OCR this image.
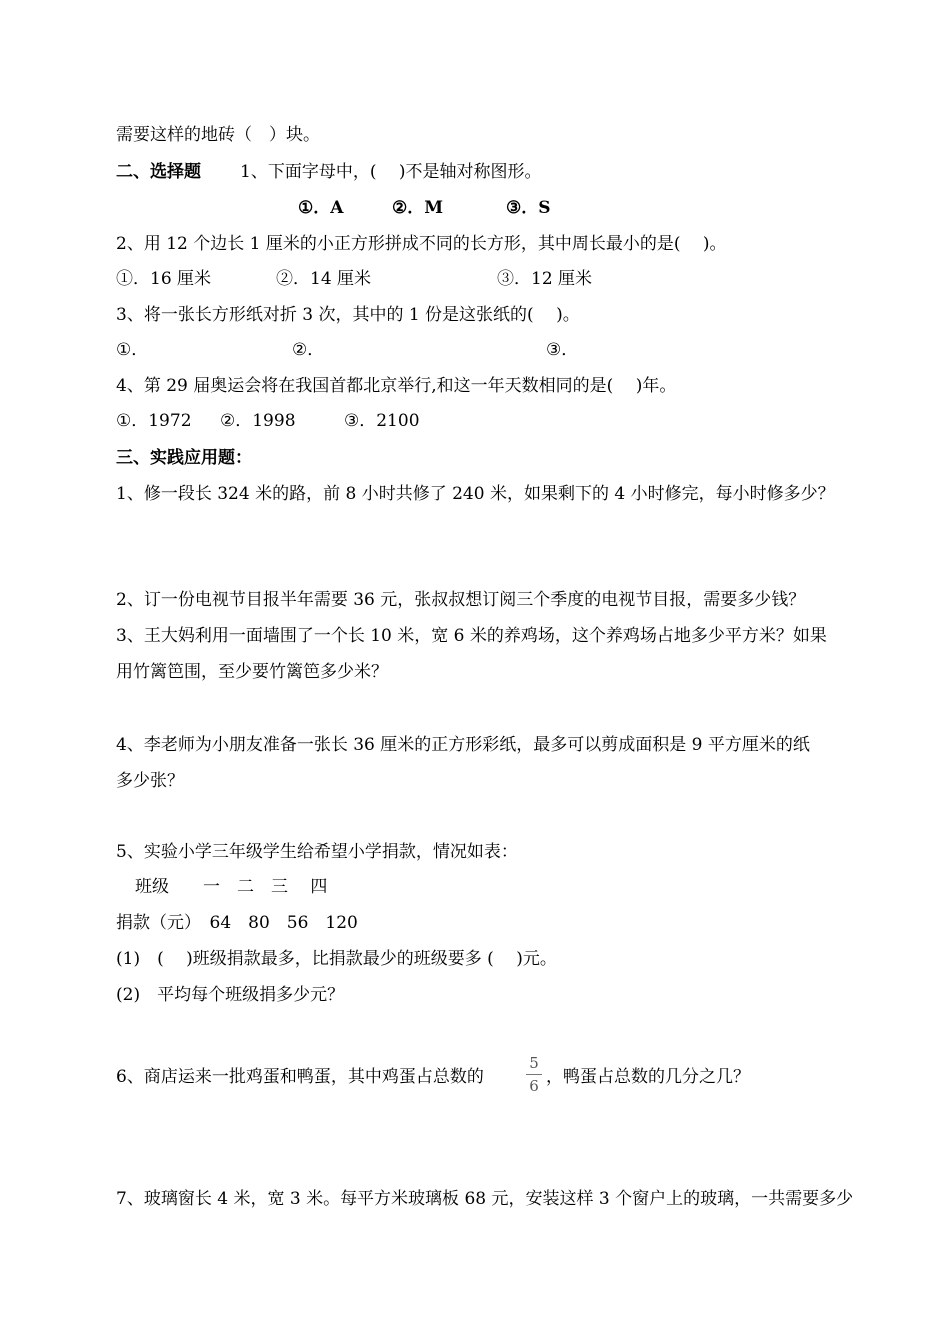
需要这样的地砖（　）块。
二、选择题 1、下面字母中，(　 )不是轴对称图形。
①．A	②．M	③．S
2、用 12 个边长 1 厘米的小正方形拼成不同的长方形，其中周长最小的是(　 )。
①．16 厘米	②．14 厘米	③．12 厘米
3、将一张长方形纸对折 3 次，其中的 1 份是这张纸的(　 )。
①．	②．	③．
4、第 29 届奥运会将在我国首都北京举行,和这一年天数相同的是(　 )年。
①．1972 ②．1998	③．2100
三、实践应用题：
1、修一段长 324 米的路，前 8 小时共修了 240 米，如果剩下的 4 小时修完，每小时修多少？
2、订一份电视节目报半年需要 36 元，张叔叔想订阅三个季度的电视节目报，需要多少钱？
3、王大妈利用一面墙围了一个长 10 米，宽 6 米的养鸡场，这个养鸡场占地多少平方米？如果
用竹篱笆围，至少要竹篱笆多少米？
4、李老师为小朋友准备一张长 36 厘米的正方形彩纸，最多可以剪成面积是 9 平方厘米的纸
多少张？
5、实验小学三年级学生给希望小学捐款，情况如表：
班级　　一　二　三　 四
捐款（元）　64　80　56　120
(1)　(　 )班级捐款最多，比捐款最少的班级要多 (　 )元。
(2)　平均每个班级捐多少元？
6、商店运来一批鸡蛋和鸭蛋，其中鸡蛋占总数的
5
6 ，鸭蛋占总数的几分之几？
7、玻璃窗长 4 米，宽 3 米。每平方米玻璃板 68 元，安装这样 3 个窗户上的玻璃，一共需要多少
